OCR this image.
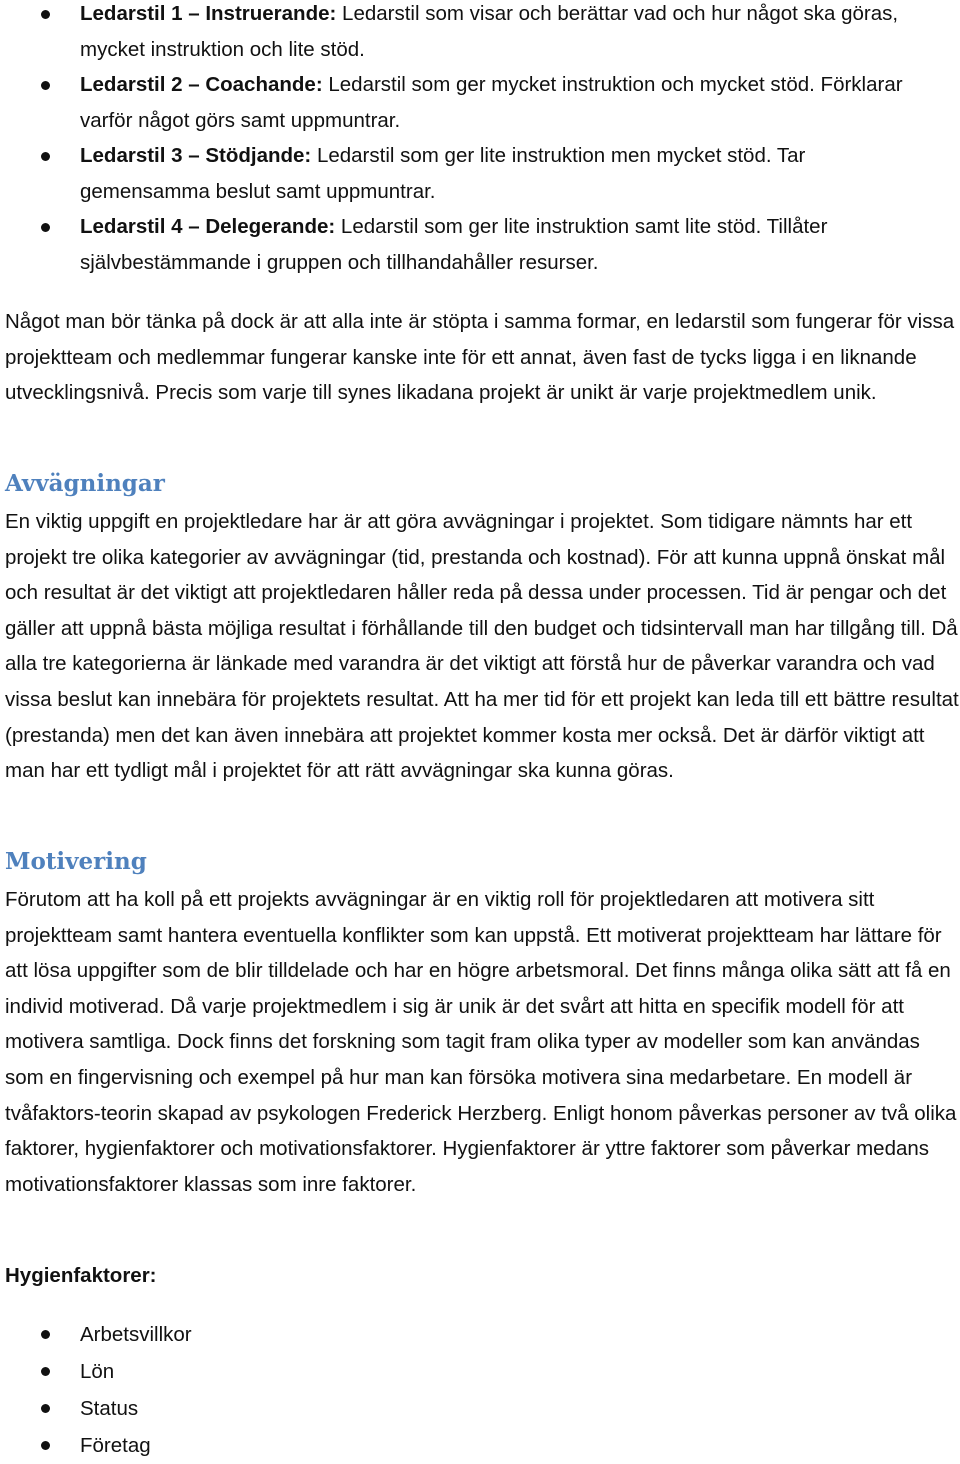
Ledarstil 1 – Instruerande: Ledarstil som visar och berättar vad och hur något ska göras, mycket instruktion och lite stöd.
Ledarstil 2 – Coachande: Ledarstil som ger mycket instruktion och mycket stöd. Förklarar varför något görs samt uppmuntrar.
Ledarstil 3 – Stödjande: Ledarstil som ger lite instruktion men mycket stöd. Tar gemensamma beslut samt uppmuntrar.
Ledarstil 4 – Delegerande: Ledarstil som ger lite instruktion samt lite stöd. Tillåter självbestämmande i gruppen och tillhandahåller resurser.

Något man bör tänka på dock är att alla inte är stöpta i samma formar, en ledarstil som fungerar för vissa projektteam och medlemmar fungerar kanske inte för ett annat, även fast de tycks ligga i en liknande utvecklingsnivå. Precis som varje till synes likadana projekt är unikt är varje projektmedlem unik.

Avvägningar

En viktig uppgift en projektledare har är att göra avvägningar i projektet. Som tidigare nämnts har ett projekt tre olika kategorier av avvägningar (tid, prestanda och kostnad). För att kunna uppnå önskat mål och resultat är det viktigt att projektledaren håller reda på dessa under processen. Tid är pengar och det gäller att uppnå bästa möjliga resultat i förhållande till den budget och tidsintervall man har tillgång till. Då alla tre kategorierna är länkade med varandra är det viktigt att förstå hur de påverkar varandra och vad vissa beslut kan innebära för projektets resultat. Att ha mer tid för ett projekt kan leda till ett bättre resultat (prestanda) men det kan även innebära att projektet kommer kosta mer också. Det är därför viktigt att man har ett tydligt mål i projektet för att rätt avvägningar ska kunna göras.

Motivering

Förutom att ha koll på ett projekts avvägningar är en viktig roll för projektledaren att motivera sitt projektteam samt hantera eventuella konflikter som kan uppstå. Ett motiverat projektteam har lättare för att lösa uppgifter som de blir tilldelade och har en högre arbetsmoral. Det finns många olika sätt att få en individ motiverad. Då varje projektmedlem i sig är unik är det svårt att hitta en specifik modell för att motivera samtliga. Dock finns det forskning som tagit fram olika typer av modeller som kan användas som en fingervisning och exempel på hur man kan försöka motivera sina medarbetare. En modell är tvåfaktors-teorin skapad av psykologen Frederick Herzberg. Enligt honom påverkas personer av två olika faktorer, hygienfaktorer och motivationsfaktorer. Hygienfaktorer är yttre faktorer som påverkar medans motivationsfaktorer klassas som inre faktorer.

Hygienfaktorer:
Arbetsvillkor
Lön
Status
Företag
